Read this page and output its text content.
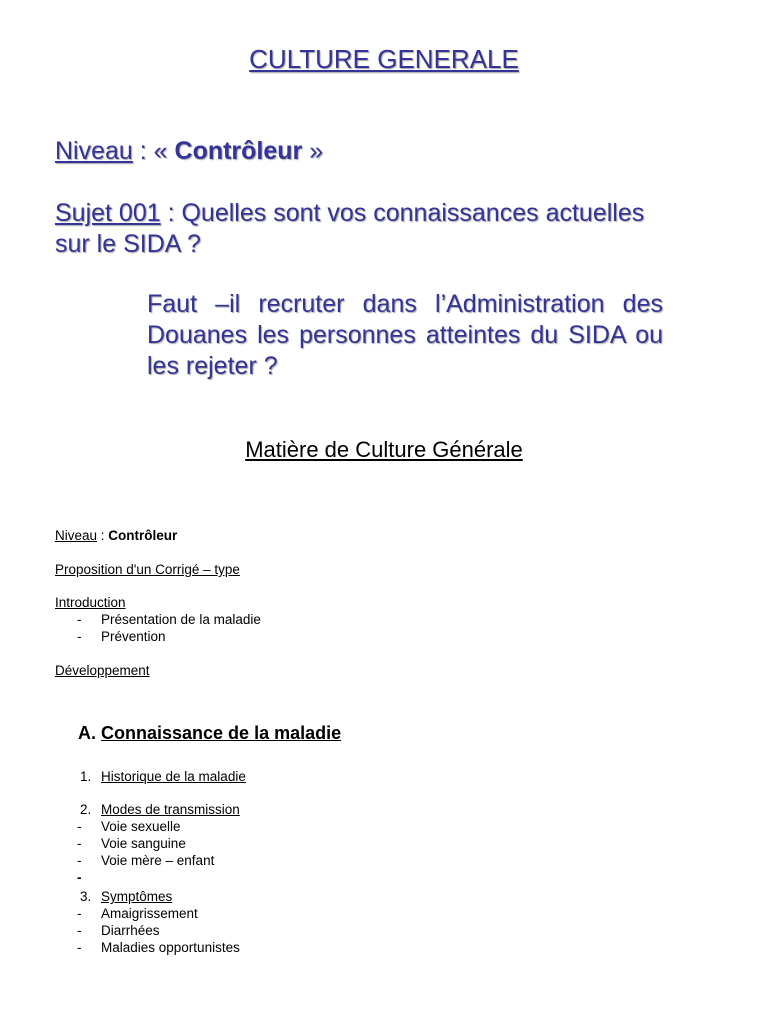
CULTURE GENERALE
Niveau : « Contrôleur »
Sujet 001 : Quelles sont vos connaissances actuelles sur le SIDA ?
Faut –il recruter dans l’Administration des Douanes les personnes atteintes du SIDA ou les rejeter ?
Matière de Culture Générale
Niveau : Contrôleur
Proposition d'un Corrigé – type
Introduction
- Présentation de la maladie
- Prévention
Développement
A. Connaissance de la maladie
1. Historique de la maladie
2. Modes de transmission
- Voie sexuelle
- Voie sanguine
- Voie mère – enfant
-
3. Symptômes
- Amaigrissement
- Diarrhées
- Maladies opportunistes
